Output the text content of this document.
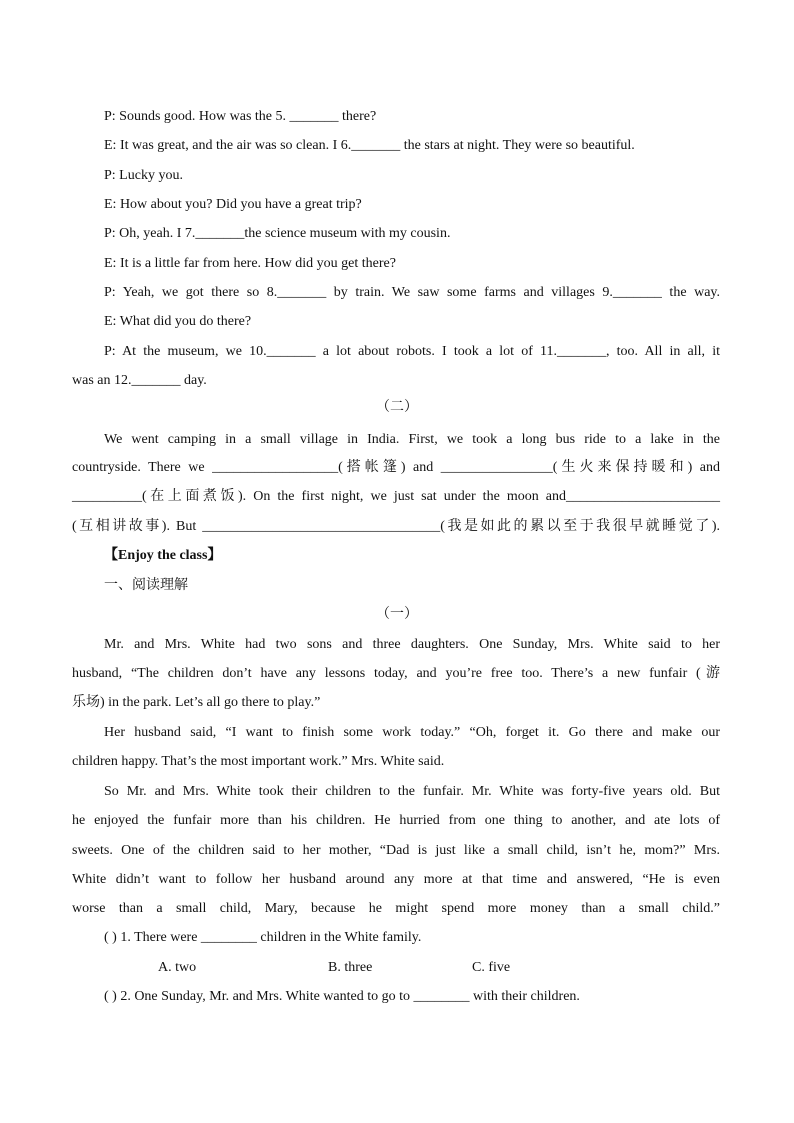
P: Sounds good. How was the 5. _______ there?
E: It was great, and the air was so clean. I 6._______ the stars at night. They were so beautiful.
P: Lucky you.
E: How about you? Did you have a great trip?
P: Oh, yeah. I 7._______the science museum with my cousin.
E: It is a little far from here. How did you get there?
P: Yeah, we got there so 8._______ by train. We saw some farms and villages 9._______ the way.
E: What did you do there?
P: At the museum, we 10._______ a lot about robots. I took a lot of 11._______, too. All in all, it
was an 12._______ day.
（二）
We went camping in a small village in India. First, we took a long bus ride to a lake in the
countryside. There we __________________(搭帐篷) and ________________(生火来保持暖和) and
__________(在上面煮饭). On the first night, we just sat under the moon and______________________
(互相讲故事). But __________________________________(我是如此的累以至于我很早就睡觉了).
【Enjoy the class】
一、阅读理解
（一）
Mr. and Mrs. White had two sons and three daughters. One Sunday, Mrs. White said to her
husband, “The children don’t have any lessons today, and you’re free too. There’s a new funfair (游
乐场) in the park. Let’s all go there to play.”
Her husband said, “I want to finish some work today.” “Oh, forget it. Go there and make our
children happy. That’s the most important work.” Mrs. White said.
So Mr. and Mrs. White took their children to the funfair. Mr. White was forty-five years old. But
he enjoyed the funfair more than his children. He hurried from one thing to another, and ate lots of
sweets. One of the children said to her mother, “Dad is just like a small child, isn’t he, mom?” Mrs.
White didn’t want to follow her husband around any more at that time and answered, “He is even
worse than a small child, Mary, because he might spend more money than a small child.”
( ) 1. There were ________ children in the White family.
A. two	B. three	C. five
( ) 2. One Sunday, Mr. and Mrs. White wanted to go to ________ with their children.
